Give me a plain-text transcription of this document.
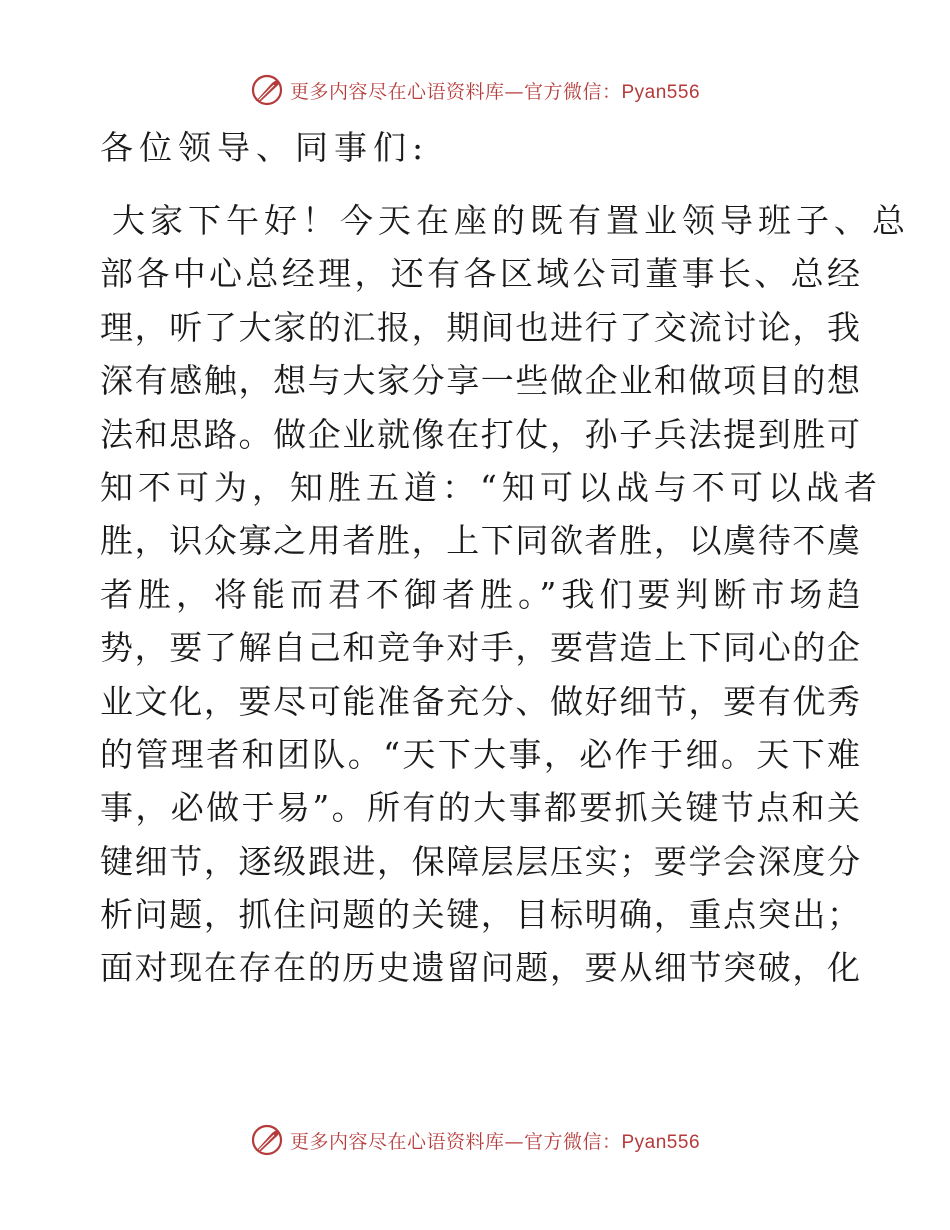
更多内容尽在心语资料库—官方微信：Pyan556
各位领导、同事们:
大家下午好！今天在座的既有置业领导班子、总
部各中心总经理，还有各区域公司董事长、总经
理，听了大家的汇报，期间也进行了交流讨论，我
深有感触，想与大家分享一些做企业和做项目的想
法和思路。做企业就像在打仗，孙子兵法提到胜可
知不可为，知胜五道：“知可以战与不可以战者
胜，识众寡之用者胜，上下同欲者胜，以虞待不虞
者胜，将能而君不御者胜。”我们要判断市场趋
势，要了解自己和竞争对手，要营造上下同心的企
业文化，要尽可能准备充分、做好细节，要有优秀
的管理者和团队。“天下大事，必作于细。天下难
事，必做于易”。所有的大事都要抓关键节点和关
键细节，逐级跟进，保障层层压实；要学会深度分
析问题，抓住问题的关键，目标明确，重点突出；
面对现在存在的历史遗留问题，要从细节突破，化
更多内容尽在心语资料库—官方微信：Pyan556
